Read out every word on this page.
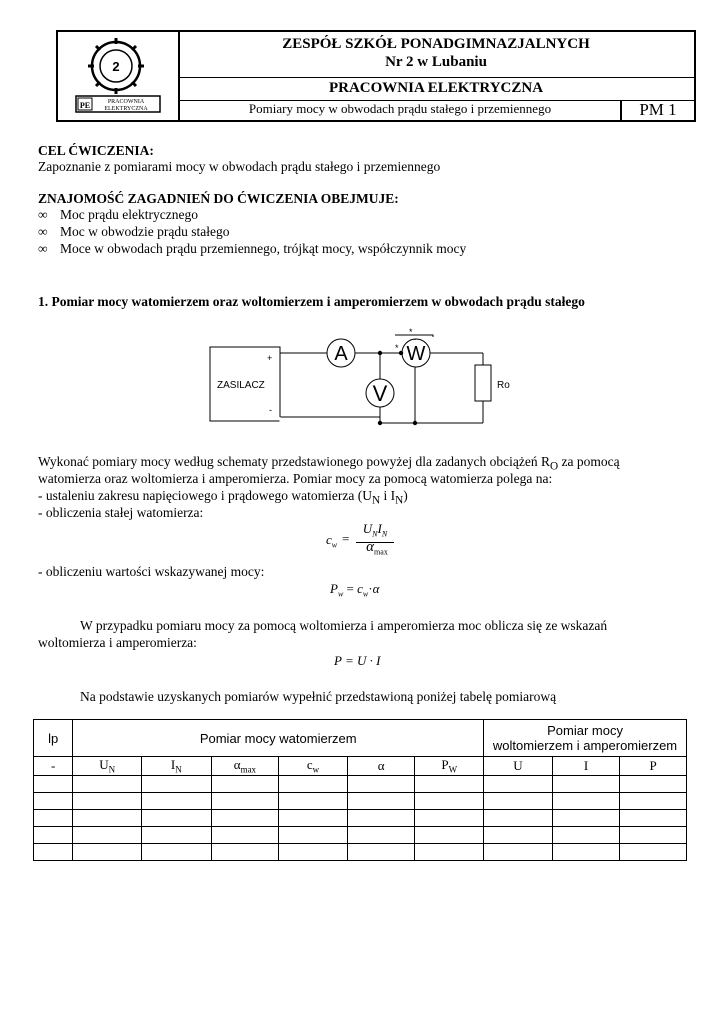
2
PE	PRACOWNIA
ELEKTRYCZNA
ZESPÓŁ SZKÓŁ PONADGIMNAZJALNYCH
Nr 2 w Lubaniu
PRACOWNIA ELEKTRYCZNA
Pomiary mocy w obwodach prądu stałego i przemiennego	PM 1
CEL ĆWICZENIA:
Zapoznanie z pomiarami mocy w obwodach prądu stałego i przemiennego
ZNAJOMOŚĆ ZAGADNIEŃ DO ĆWICZENIA OBEJMUJE:
∞ Moc prądu elektrycznego
∞ Moc w obwodzie prądu stałego
∞ Moce w obwodach prądu przemiennego, trójkąt mocy, współczynnik mocy
1. Pomiar mocy watomierzem oraz woltomierzem i amperomierzem w obwodach prądu stałego
ZASILACZ
+
-
A	W
V	Ro
*
*
Wykonać pomiary mocy według schematy przedstawionego powyżej dla zadanych obciążeń $R_O$ za pomocą
watomierza oraz woltomierza i amperomierza. Pomiar mocy za pomocą watomierza polega na:
- ustaleniu zakresu napięciowego i prądowego watomierza ($U_N$ i $I_N$)
- obliczenia stałej watomierza:
$c_w$ =
$U_NI_N$
$\alpha_{max}$
- obliczeniu wartości wskazywanej mocy:
$P_w = c_w\cdot\alpha$
W przypadku pomiaru mocy za pomocą woltomierza i amperomierza moc oblicza się ze wskazań
woltomierza i amperomierza:
P = U · I
Na podstawie uzyskanych pomiarów wypełnić przedstawioną poniżej tabelę pomiarową
lp	Pomiar mocy watomierzem						Pomiar mocy
woltomierzem i amperomierzem		

-	$U_N$	$I_N$	$\alpha_{max}$	$c_w$	α	$P_W$	U	I	P
